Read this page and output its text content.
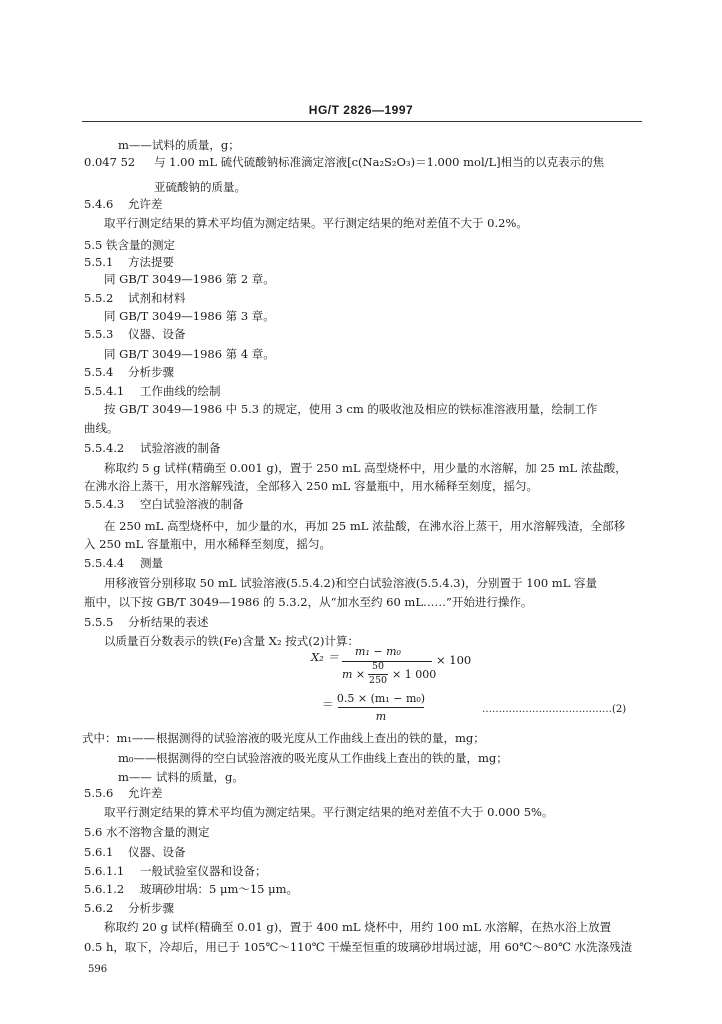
HG/T 2826—1997
m——试料的质量，g；
0.047 52 与 1.00 mL 硫代硫酸钠标准滴定溶液[c(Na₂S₂O₃)＝1.000 mol/L]相当的以克表示的焦
亚硫酸钠的质量。
5.4.6 允许差
取平行测定结果的算术平均值为测定结果。平行测定结果的绝对差值不大于 0.2%。
5.5 铁含量的测定
5.5.1 方法提要
同 GB/T 3049—1986 第 2 章。
5.5.2 试剂和材料
同 GB/T 3049—1986 第 3 章。
5.5.3 仪器、设备
同 GB/T 3049—1986 第 4 章。
5.5.4 分析步骤
5.5.4.1 工作曲线的绘制
按 GB/T 3049—1986 中 5.3 的规定，使用 3 cm 的吸收池及相应的铁标准溶液用量，绘制工作
曲线。
5.5.4.2 试验溶液的制备
称取约 5 g 试样(精确至 0.001 g)，置于 250 mL 高型烧杯中，用少量的水溶解，加 25 mL 浓盐酸，
在沸水浴上蒸干，用水溶解残渣，全部移入 250 mL 容量瓶中，用水稀释至刻度，摇匀。
5.5.4.3 空白试验溶液的制备
在 250 mL 高型烧杯中，加少量的水，再加 25 mL 浓盐酸，在沸水浴上蒸干，用水溶解残渣，全部移
入 250 mL 容量瓶中，用水稀释至刻度，摇匀。
5.5.4.4 测量
用移液管分别移取 50 mL 试验溶液(5.5.4.2)和空白试验溶液(5.5.4.3)，分别置于 100 mL 容量
瓶中，以下按 GB/T 3049—1986 的 5.3.2，从“加水至约 60 mL……”开始进行操作。
5.5.5 分析结果的表述
以质量百分数表示的铁(Fe)含量 X₂ 按式(2)计算：
X₂ ＝	m₁ − m₀
m ×
50
250 × 1 000
× 100
＝ 0.5 × (m₁ − m₀)
m
…………………………………(2)
式中：m₁—— 根据测得的试验溶液的吸光度从工作曲线上查出的铁的量，mg；
m₀—— 根据测得的空白试验溶液的吸光度从工作曲线上查出的铁的量，mg；
m—— 试料的质量，g。
5.5.6 允许差
取平行测定结果的算术平均值为测定结果。平行测定结果的绝对差值不大于 0.000 5%。
5.6 水不溶物含量的测定
5.6.1 仪器、设备
5.6.1.1 一般试验室仪器和设备；
5.6.1.2 玻璃砂坩埚：5 μm～15 μm。
5.6.2 分析步骤
称取约 20 g 试样(精确至 0.01 g)，置于 400 mL 烧杯中，用约 100 mL 水溶解，在热水浴上放置
0.5 h，取下，冷却后，用已于 105℃～110℃ 干燥至恒重的玻璃砂坩埚过滤，用 60℃～80℃ 水洗涤残渣
596
